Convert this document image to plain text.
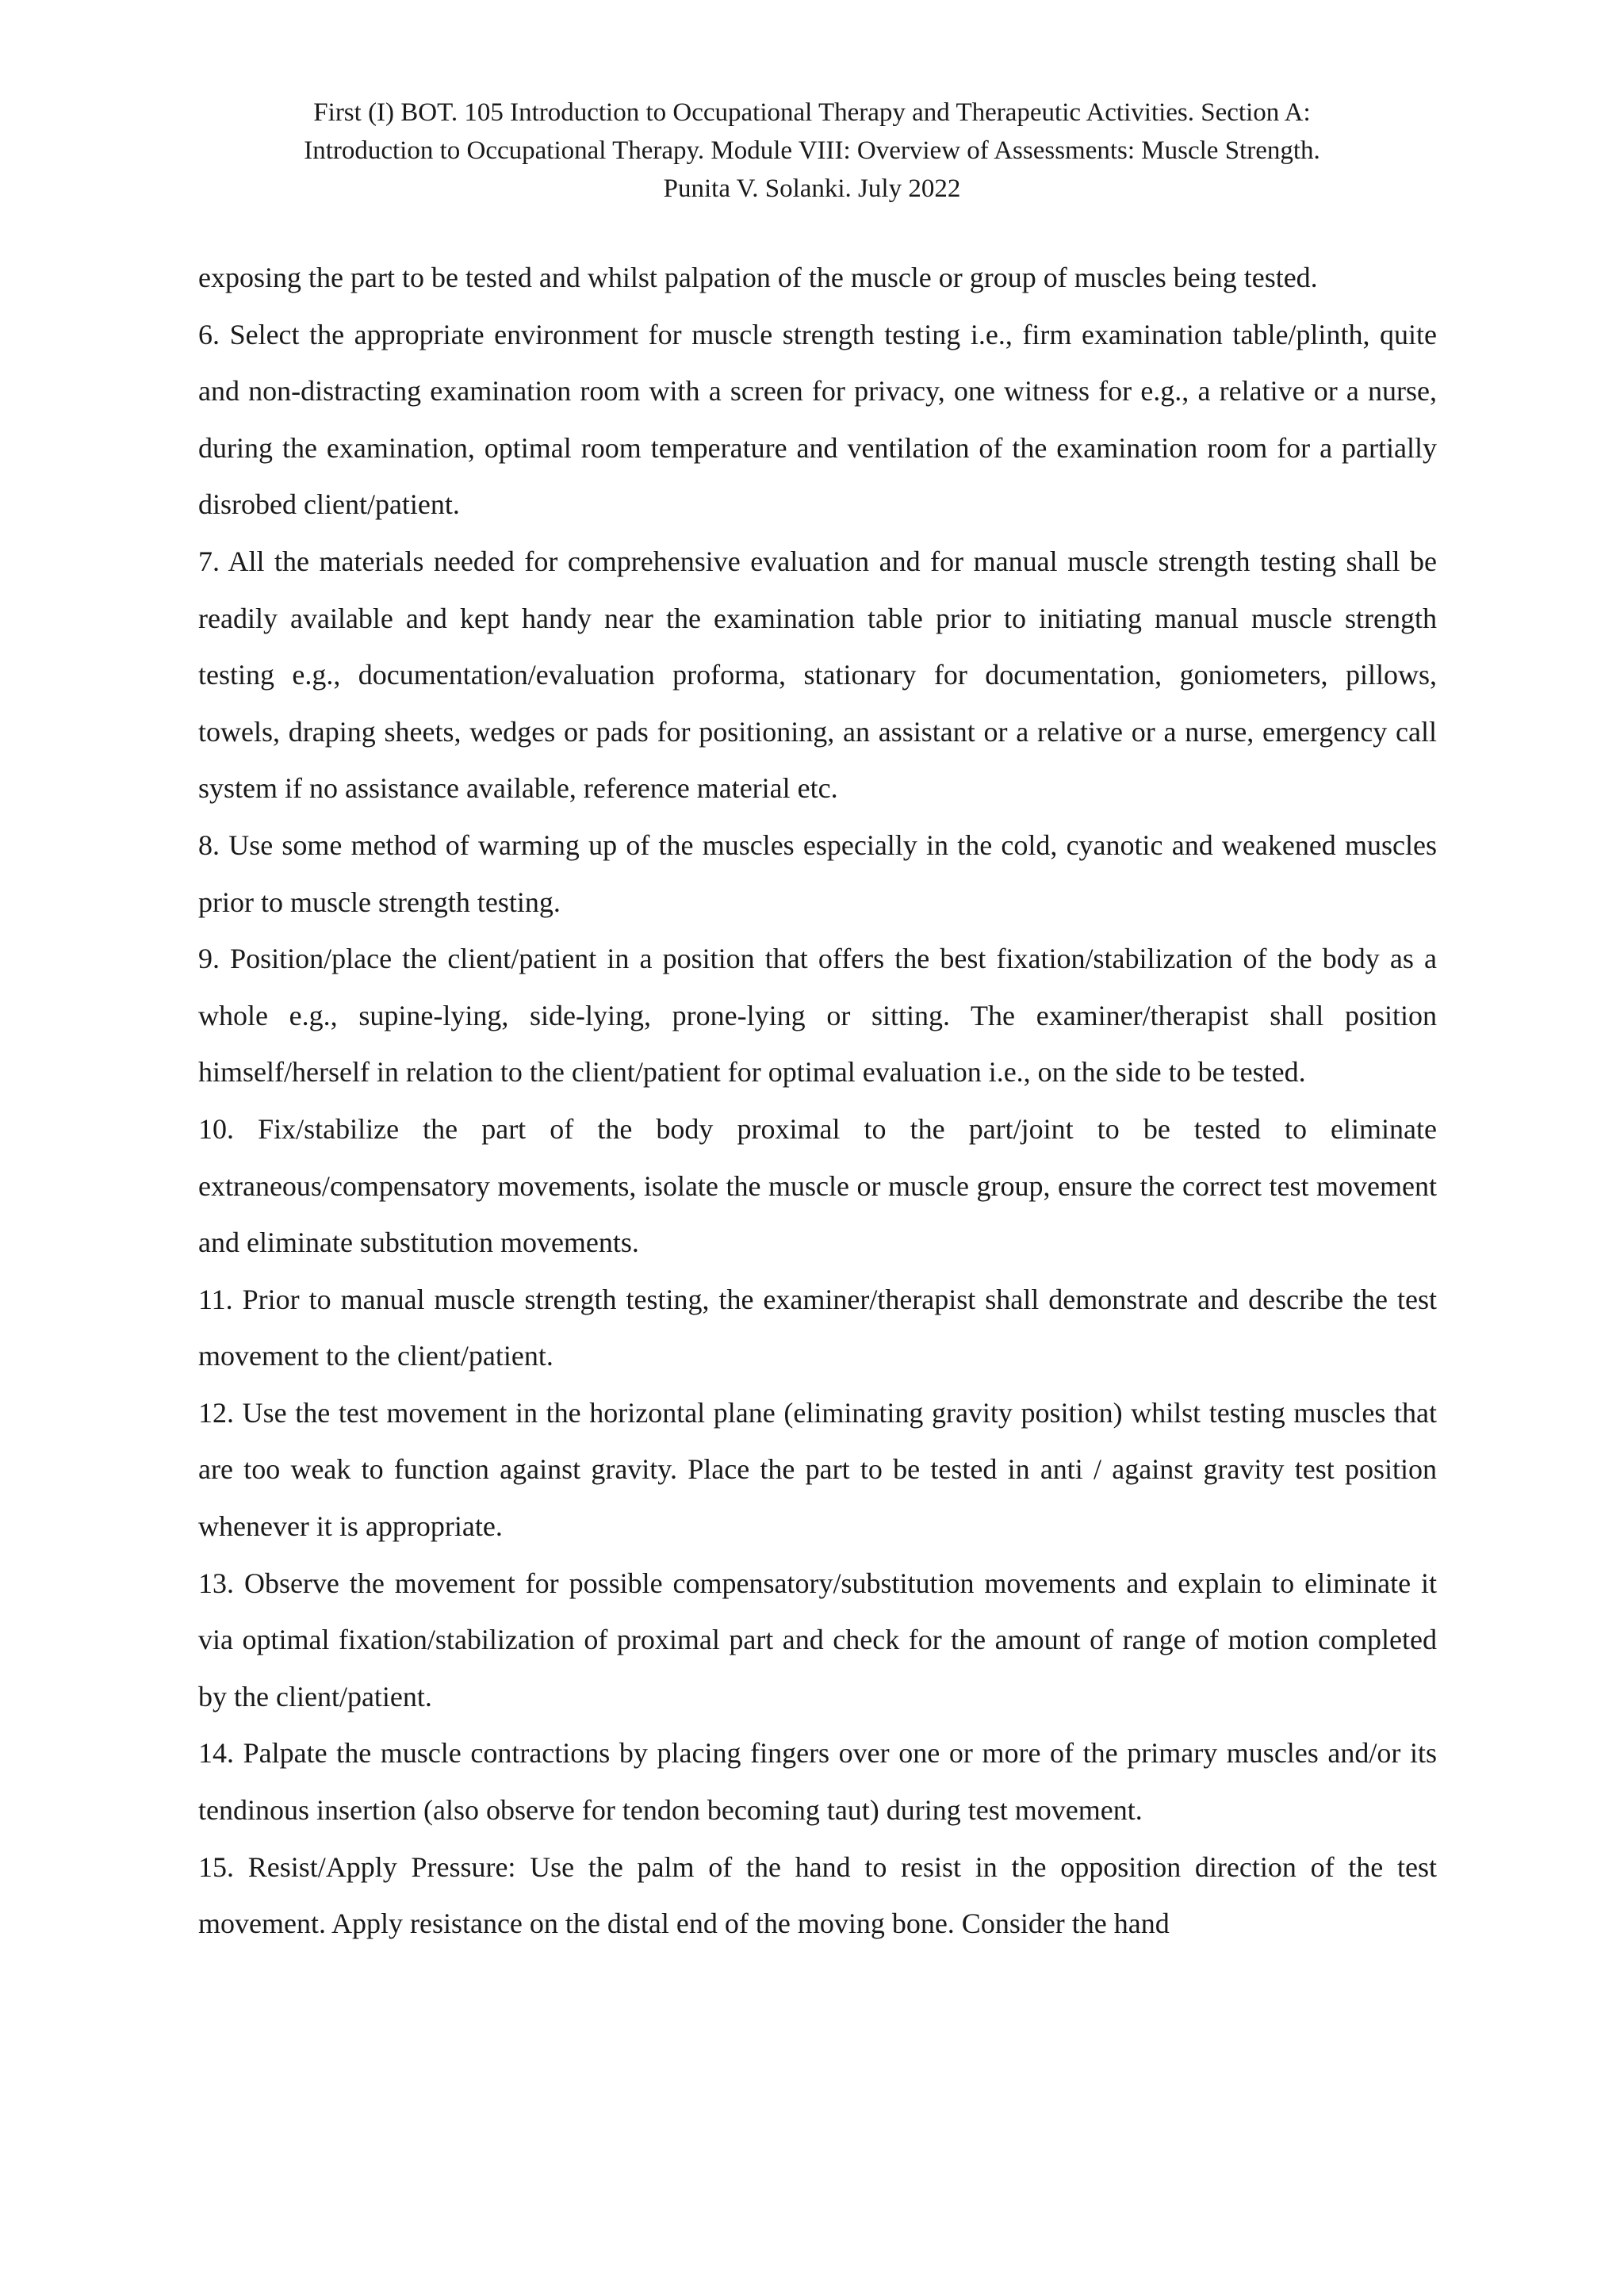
First (I) BOT. 105 Introduction to Occupational Therapy and Therapeutic Activities. Section A:

Introduction to Occupational Therapy. Module VIII: Overview of Assessments: Muscle Strength.

Punita V. Solanki. July 2022

exposing the part to be tested and whilst palpation of the muscle or group of muscles being tested.

6. Select the appropriate environment for muscle strength testing i.e., firm examination table/plinth, quite and non-distracting examination room with a screen for privacy, one witness for e.g., a relative or a nurse, during the examination, optimal room temperature and ventilation of the examination room for a partially disrobed client/patient.

7. All the materials needed for comprehensive evaluation and for manual muscle strength testing shall be readily available and kept handy near the examination table prior to initiating manual muscle strength testing e.g., documentation/evaluation proforma, stationary for documentation, goniometers, pillows, towels, draping sheets, wedges or pads for positioning, an assistant or a relative or a nurse, emergency call system if no assistance available, reference material etc.

8. Use some method of warming up of the muscles especially in the cold, cyanotic and weakened muscles prior to muscle strength testing.

9. Position/place the client/patient in a position that offers the best fixation/stabilization of the body as a whole e.g., supine-lying, side-lying, prone-lying or sitting. The examiner/therapist shall position himself/herself in relation to the client/patient for optimal evaluation i.e., on the side to be tested.

10. Fix/stabilize the part of the body proximal to the part/joint to be tested to eliminate extraneous/compensatory movements, isolate the muscle or muscle group, ensure the correct test movement and eliminate substitution movements.

11. Prior to manual muscle strength testing, the examiner/therapist shall demonstrate and describe the test movement to the client/patient.

12. Use the test movement in the horizontal plane (eliminating gravity position) whilst testing muscles that are too weak to function against gravity. Place the part to be tested in anti / against gravity test position whenever it is appropriate.

13. Observe the movement for possible compensatory/substitution movements and explain to eliminate it via optimal fixation/stabilization of proximal part and check for the amount of range of motion completed by the client/patient.

14. Palpate the muscle contractions by placing fingers over one or more of the primary muscles and/or its tendinous insertion (also observe for tendon becoming taut) during test movement.

15. Resist/Apply Pressure: Use the palm of the hand to resist in the opposition direction of the test movement. Apply resistance on the distal end of the moving bone. Consider the hand
